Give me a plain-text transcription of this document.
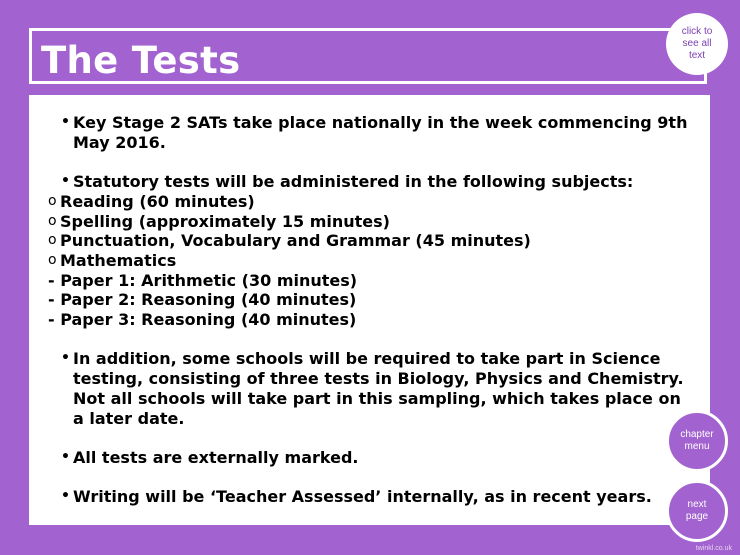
The Tests
click to see all text
• Key Stage 2 SATs take place nationally in the week commencing 9th May 2016.
• Statutory tests will be administered in the following subjects:
o Reading (60 minutes)
o Spelling (approximately 15 minutes)
o Punctuation, Vocabulary and Grammar (45 minutes)
o Mathematics
- Paper 1: Arithmetic (30 minutes)
- Paper 2: Reasoning (40 minutes)
- Paper 3: Reasoning (40 minutes)
• In addition, some schools will be required to take part in Science testing, consisting of three tests in Biology, Physics and Chemistry. Not all schools will take part in this sampling, which takes place on a later date.
• All tests are externally marked.
• Writing will be ‘Teacher Assessed’ internally, as in recent years.
chapter menu
next page
twinkl.co.uk
